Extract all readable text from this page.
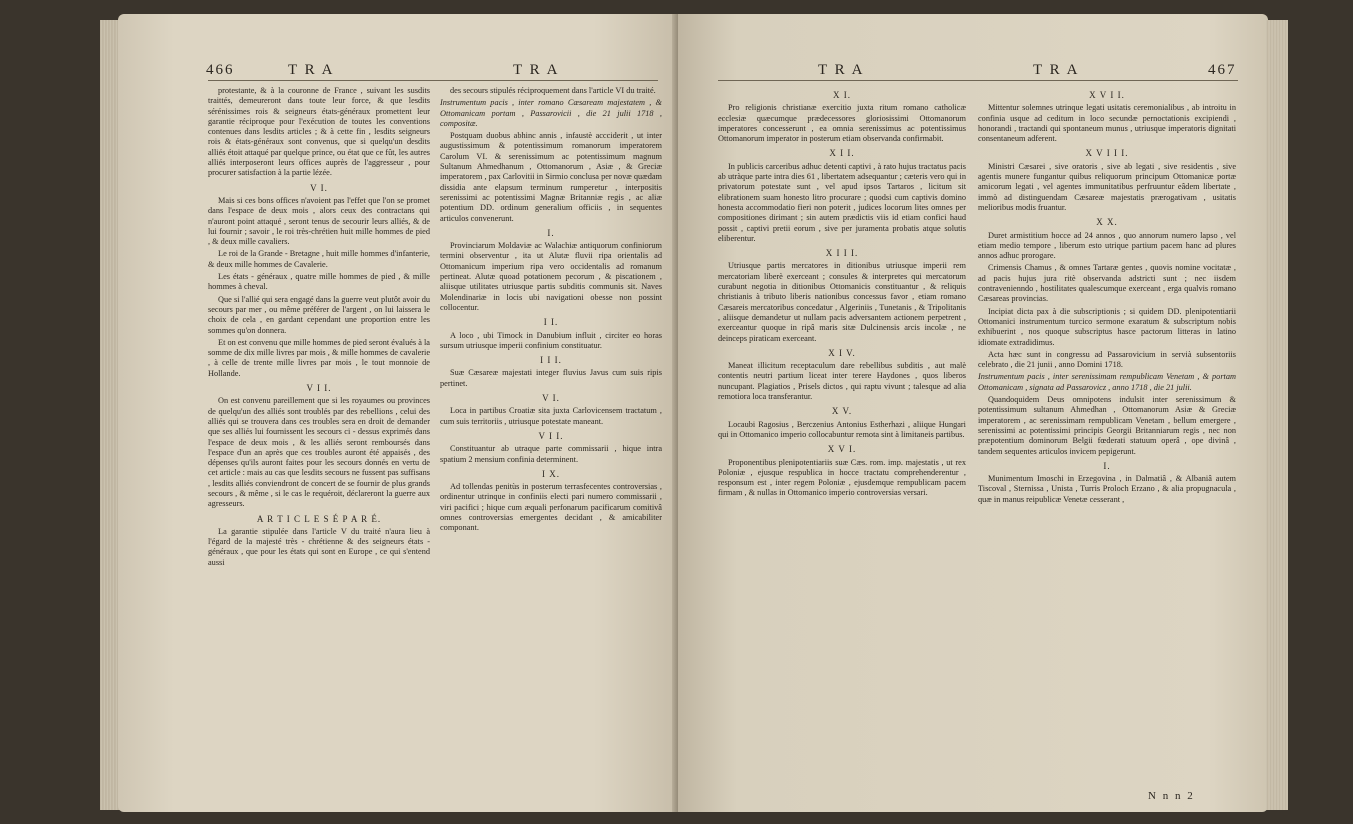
466	T R A	T R A

protestante, & à la couronne de France , suivant les susdits traittés, demeureront dans toute leur force, & que lesdits sérénissimes rois & seigneurs états-généraux promettent leur garantie réciproque pour l'exécution de toutes les conventions contenues dans lesdits articles ; & à cette fin , lesdits seigneurs rois & états-généraux sont convenus, que si quelqu'un desdits alliés étoit attaqué par quelque prince, ou état que ce fût, les autres alliés interposeront leurs offices auprès de l'aggresseur , pour procurer satisfaction à la partie lézée.

V I.

Mais si ces bons offices n'avoient pas l'effet que l'on se promet dans l'espace de deux mois , alors ceux des contractans qui n'auront point attaqué , seront tenus de secourir leurs alliés, & de lui fournir ; savoir , le roi très-chrétien huit mille hommes de pied , & deux mille cavaliers.

Le roi de la Grande - Bretagne , huit mille hommes d'infanterie, & deux mille hommes de Cavalerie.

Les états - généraux , quatre mille hommes de pied , & mille hommes à cheval.

Que si l'allié qui sera engagé dans la guerre veut plutôt avoir du secours par mer , ou même préférer de l'argent , on lui laissera le choix de cela , en gardant cependant une proportion entre les sommes qu'on donnera.

Et on est convenu que mille hommes de pied seront évalués à la somme de dix mille livres par mois , & mille hommes de cavalerie , à celle de trente mille livres par mois , le tout monnoie de Hollande.

V I I.

On est convenu pareillement que si les royaumes ou provinces de quelqu'un des alliés sont troublés par des rebellions , celui des alliés qui se trouvera dans ces troubles sera en droit de demander que ses alliés lui fournissent les secours ci - dessus exprimés dans l'espace de deux mois , & les alliés seront remboursés dans l'espace d'un an après que ces troubles auront été appaisés , des dépenses qu'ils auront faites pour les secours donnés en vertu de cet article : mais au cas que lesdits secours ne fussent pas suffisans , lesdits alliés conviendront de concert de se fournir de plus grands secours , & même , si le cas le requéroit, déclareront la guerre aux agresseurs.

A R T I C L E S É P A R É.

La garantie stipulée dans l'article V du traité n'aura lieu à l'égard de la majesté très - chrétienne & des seigneurs états - généraux , que pour les états qui sont en Europe , ce qui s'entend aussi

des secours stipulés réciproquement dans l'article VI du traité.

Instrumentum pacis , inter romano Cæsaream majestatem , & Ottomanicam portam , Passarovicii , die 21 julii 1718 , compositæ.

Postquam duobus abhinc annis , infaustè accciderit , ut inter augustissimum & potentissimum romanorum imperatorem Carolum VI. & serenissimum ac potentissimum magnum Sultanum Ahmedhanum , Ottomanorum , Asiæ , & Greciæ imperatorem , pax Carlovitii in Sirmio conclusa per novæ quædam dissidia ante elapsum terminum rumperetur , interpositis serenissimi ac potentissimi Magnæ Britanniæ regis , ac aliæ potentium DD. ordinum generalium officiis , in sequentes articulos convenerunt.

I.

Provinciarum Moldaviæ ac Walachiæ antiquorum confiniorum termini observentur , ita ut Alutæ fluvii ripa orientalis ad Ottomanicum imperium ripa vero occidentalis ad romanum pertineat. Alutæ quoad potationem pecorum , & piscationem , aliisque utilitates utriusque partis subditis communis sit. Naves Molendinariæ in locis ubi navigationi obesse non possint collocentur.

I I.

A loco , ubi Timock in Danubium influit , circiter eo horas sursum utriusque imperii confinium constituatur.

I I I.

Suæ Cæsareæ majestati integer fluvius Javus cum suis ripis pertinet.

V I.

Loca in partibus Croatiæ sita juxta Carlovicensem tractatum , cum suis territoriis , utriusque potestate maneant.

V I I.

Constituantur ab utraque parte commissarii , hique intra spatium 2 mensium confinia determinent.

I X.

Ad tollendas penitùs in posterum terrasfecentes controversias , ordinentur utrinque in confiniis electi pari numero commissarii , viri pacifici ; hique cum æquali perfonarum pacificarum comitivâ omnes controversias emergentes decidant , & amicabiliter componant.

T R A	T R A	467

X I.

Pro religionis christianæ exercitio juxta ritum romano catholicæ ecclesiæ quæcumque prædecessores gloriosissimi Ottomanorum imperatores concesserunt , ea omnia serenissimus ac potentissimus Ottomanorum imperator in posterum etiam observanda confirmabit.

X I I.

In publicis carceribus adhuc detenti captivi , à rato hujus tractatus pacis ab utràque parte intra dies 61 , libertatem adsequantur ; cæteris vero qui in privatorum potestate sunt , vel apud ipsos Tartaros , licitum sit elibrationem suam honesto litro procurare ; quodsi cum captivis domino honesta accommodatio fieri non poterit , judices locorum lites omnes per compositiones dirimant ; sin autem prædictis viis id etiam confici haud possit , captivi pretii eorum , sive per juramenta probatis atque solutis eliberentur.

X I I I.

Utriusque partis mercatores in ditionibus utriusque imperii rem mercatoriam liberè exerceant ; consules & interpretes qui mercatorum curabunt negotia in ditionibus Ottomanicis constituantur , & reliquis christianis à tributo liberis nationibus concessus favor , etiam romano Cæsareis mercatoribus concedatur , Algeriniis , Tunetanis , & Tripolitanis , aliisque demandetur ut nullam pacis adversantem actionem perpetrent , exerceantur quoque in ripâ maris sitæ Dulcinensis arcis incolæ , ne deinceps piraticam exerceant.

X I V.

Maneat illicitum receptaculum dare rebellibus subditis , aut malè contentis neutri partium liceat inter terere Haydones , quos liberos nuncupant. Plagiatios , Prisels dictos , qui raptu vivunt ; talesque ad alia remotiora loca transferantur.

X V.

Locaubi Ragosius , Berczenius Antonius Estherhazi , aliique Hungari qui in Ottomanico imperio collocabuntur remota sint à limitaneis partibus.

X V I.

Proponentibus plenipotentiariis suæ Cæs. rom. imp. majestatis , ut rex Poloniæ , ejusque respublica in hocce tractatu comprehenderentur , responsum est , inter regem Poloniæ , ejusdemque rempublicam pacem firmam , & nullas in Ottomanico imperio controversias versari.

X V I I.

Mittentur solemnes utrinque legati usitatis ceremonialibus , ab introitu in confinia usque ad ceditum in loco secundæ pernoctationis excipiendi , honorandi , tractandi qui spontaneum munus , utriusque imperatoris dignitati consentaneum adferent.

X V I I I.

Ministri Cæsarei , sive oratoris , sive ab legati , sive residentis , sive agentis munere fungantur quibus reliquorum principum Ottomanicæ portæ amicorum legati , vel agentes immunitatibus perfruuntur eâdem libertate , immò ad distinguendam Cæsareæ majestatis prærogativam , usitatis melioribus modis fruantur.

X X.

Duret armistitium hocce ad 24 annos , quo annorum numero lapso , vel etiam medio tempore , liberum esto utrique partium pacem hanc ad plures annos adhuc prorogare.

Crimensis Chamus , & omnes Tartaræ gentes , quovis nomine vocitatæ , ad pacis hujus jura ritè observanda adstricti sunt ; nec iisdem contravenienndo , hostilitates qualescumque exerceant , erga qualvis romano Cæsareas provincias.

Incipiat dicta pax à die subscriptionis ; si quidem DD. plenipotentiarii Ottomanici instrumentum turcico sermone exaratum & subscriptum nobis exhibuerint , nos quoque subscriptus hasce pactorum litteras in latino idiomate extradidimus.

Acta hæc sunt in congressu ad Passarovicium in servià subsentoriis celebrato , die 21 junii , anno Domini 1718.

Instrumentum pacis , inter serenissimam rempublicam Venetam , & portam Ottomanicam , signata ad Passarovicz , anno 1718 , die 21 julii.

Quandoquidem Deus omnipotens indulsit inter serenissimum & potentissimum sultanum Ahmedhan , Ottomanorum Asiæ & Greciæ imperatorem , ac serenissimam rempublicam Venetam , bellum emergere , serenissimi ac potentissimi principis Georgii Britanniarum regis , nec non præpotentium dominorum Belgii fœderati statuum operâ , ope divinâ , tandem sequentes articulos invicem pepigerunt.

I.

Munimentum Imoschi in Erzegovina , in Dalmatiâ , & Albaniâ autem Tiscoval , Sternissa , Unista , Turris Proloch Erzano , & alia propugnacula , quæ in manus reipublicæ Venetæ cesserant ,

N n n 2
